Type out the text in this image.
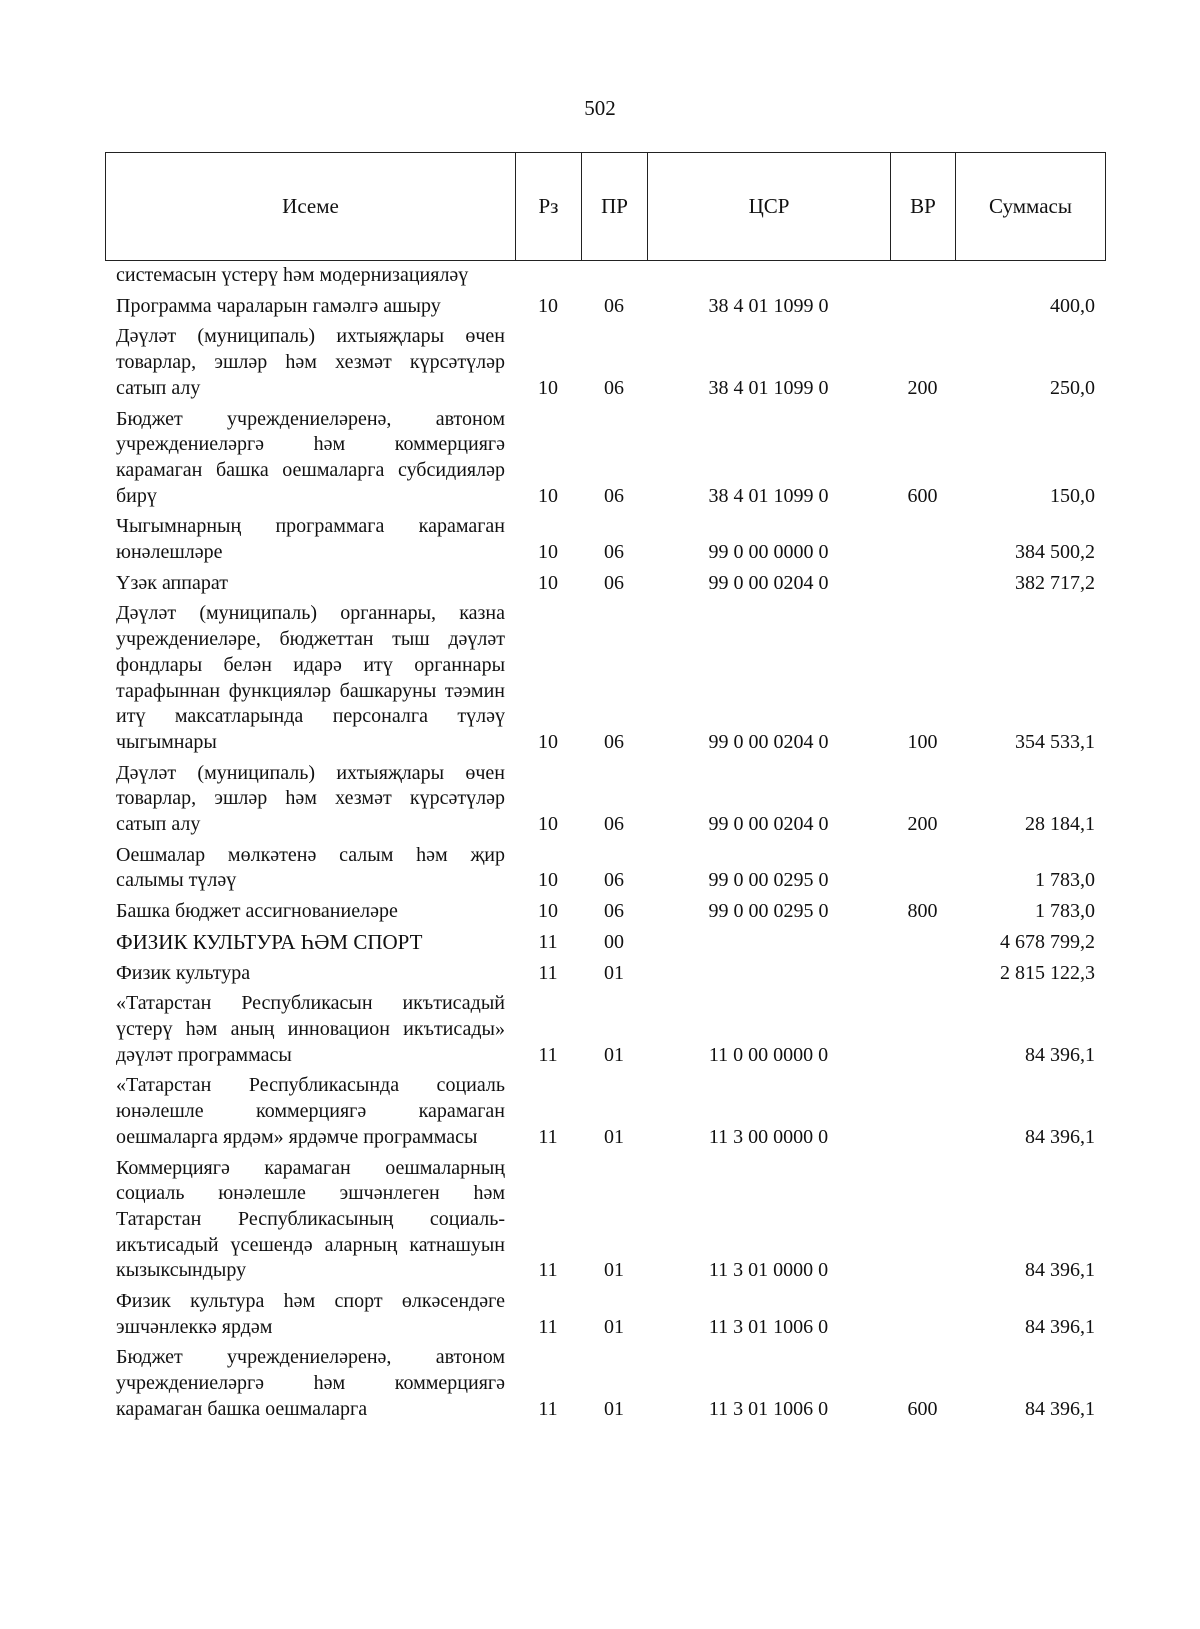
502
Исеме	Рз	ПР	ЦСР	ВР	Суммасы
системасын үстерү һәм модернизацияләү					

Программа чараларын гамәлгә ашыру	10	06	38 4 01 1099 0		400,0

Дәүләт (муниципаль) ихтыяҗлары өчен товарлар, эшләр һәм хезмәт күрсәтүләр сатып алу	10	06	38 4 01 1099 0	200	250,0

Бюджет учреждениеләренә, автоном учреждениеләргә һәм коммерциягә карамаган башка оешмаларга субсидияләр бирү	10	06	38 4 01 1099 0	600	150,0

Чыгымнарның программага карамаган юнәлешләре	10	06	99 0 00 0000 0		384 500,2

Үзәк аппарат	10	06	99 0 00 0204 0		382 717,2

Дәүләт (муниципаль) органнары, казна учреждениеләре, бюджеттан тыш дәүләт фондлары белән идарә итү органнары тарафыннан функцияләр башкаруны тәэмин итү максатларында персоналга түләү чыгымнары	10	06	99 0 00 0204 0	100	354 533,1

Дәүләт (муниципаль) ихтыяҗлары өчен товарлар, эшләр һәм хезмәт күрсәтүләр сатып алу	10	06	99 0 00 0204 0	200	28 184,1

Оешмалар мөлкәтенә салым һәм җир салымы түләү	10	06	99 0 00 0295 0		1 783,0

Башка бюджет ассигнованиеләре	10	06	99 0 00 0295 0	800	1 783,0

ФИЗИК КУЛЬТУРА ҺӘМ СПОРТ	11	00			4 678 799,2

Физик культура	11	01			2 815 122,3

«Татарстан Республикасын икътисадый үстерү һәм аның инновацион икътисады» дәүләт программасы	11	01	11 0 00 0000 0		84 396,1

«Татарстан Республикасында социаль юнәлешле коммерциягә карамаган оешмаларга ярдәм» ярдәмче программасы	11	01	11 3 00 0000 0		84 396,1

Коммерциягә карамаган оешмаларның социаль юнәлешле эшчәнлеген һәм Татарстан Республикасының социаль-икътисадый үсешендә аларның катнашуын кызыксындыру	11	01	11 3 01 0000 0		84 396,1

Физик культура һәм спорт өлкәсендәге эшчәнлеккә ярдәм	11	01	11 3 01 1006 0		84 396,1

Бюджет учреждениеләренә, автоном учреждениеләргә һәм коммерциягә карамаган башка оешмаларга	11	01	11 3 01 1006 0	600	84 396,1
